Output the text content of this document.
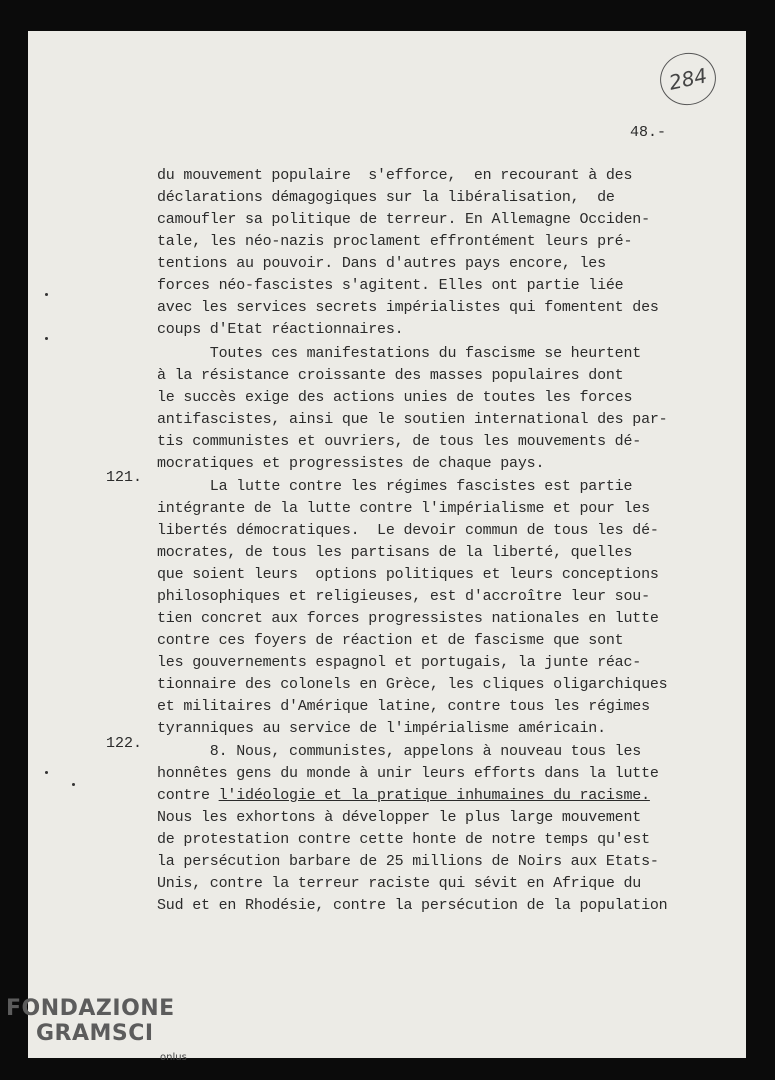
284
48.-
121.
122.
du mouvement populaire  s'efforce,  en recourant à des
déclarations démagogiques sur la libéralisation,  de
camoufler sa politique de terreur. En Allemagne Occiden-
tale, les néo-nazis proclament effrontément leurs pré-
tentions au pouvoir. Dans d'autres pays encore, les
forces néo-fascistes s'agitent. Elles ont partie liée
avec les services secrets impérialistes qui fomentent des
coups d'Etat réactionnaires.
Toutes ces manifestations du fascisme se heurtent
à la résistance croissante des masses populaires dont
le succès exige des actions unies de toutes les forces
antifascistes, ainsi que le soutien international des par-
tis communistes et ouvriers, de tous les mouvements dé-
mocratiques et progressistes de chaque pays.
La lutte contre les régimes fascistes est partie
intégrante de la lutte contre l'impérialisme et pour les
libertés démocratiques.  Le devoir commun de tous les dé-
mocrates, de tous les partisans de la liberté, quelles
que soient leurs  options politiques et leurs conceptions
philosophiques et religieuses, est d'accroître leur sou-
tien concret aux forces progressistes nationales en lutte
contre ces foyers de réaction et de fascisme que sont
les gouvernements espagnol et portugais, la junte réac-
tionnaire des colonels en Grèce, les cliques oligarchiques
et militaires d'Amérique latine, contre tous les régimes
tyranniques au service de l'impérialisme américain.
8. Nous, communistes, appelons à nouveau tous les
honnêtes gens du monde à unir leurs efforts dans la lutte
contre l'idéologie et la pratique inhumaines du racisme.
Nous les exhortons à développer le plus large mouvement
de protestation contre cette honte de notre temps qu'est
la persécution barbare de 25 millions de Noirs aux Etats-
Unis, contre la terreur raciste qui sévit en Afrique du
Sud et en Rhodésie, contre la persécution de la population
FONDAZIONE
GRAMSCI
onlus
